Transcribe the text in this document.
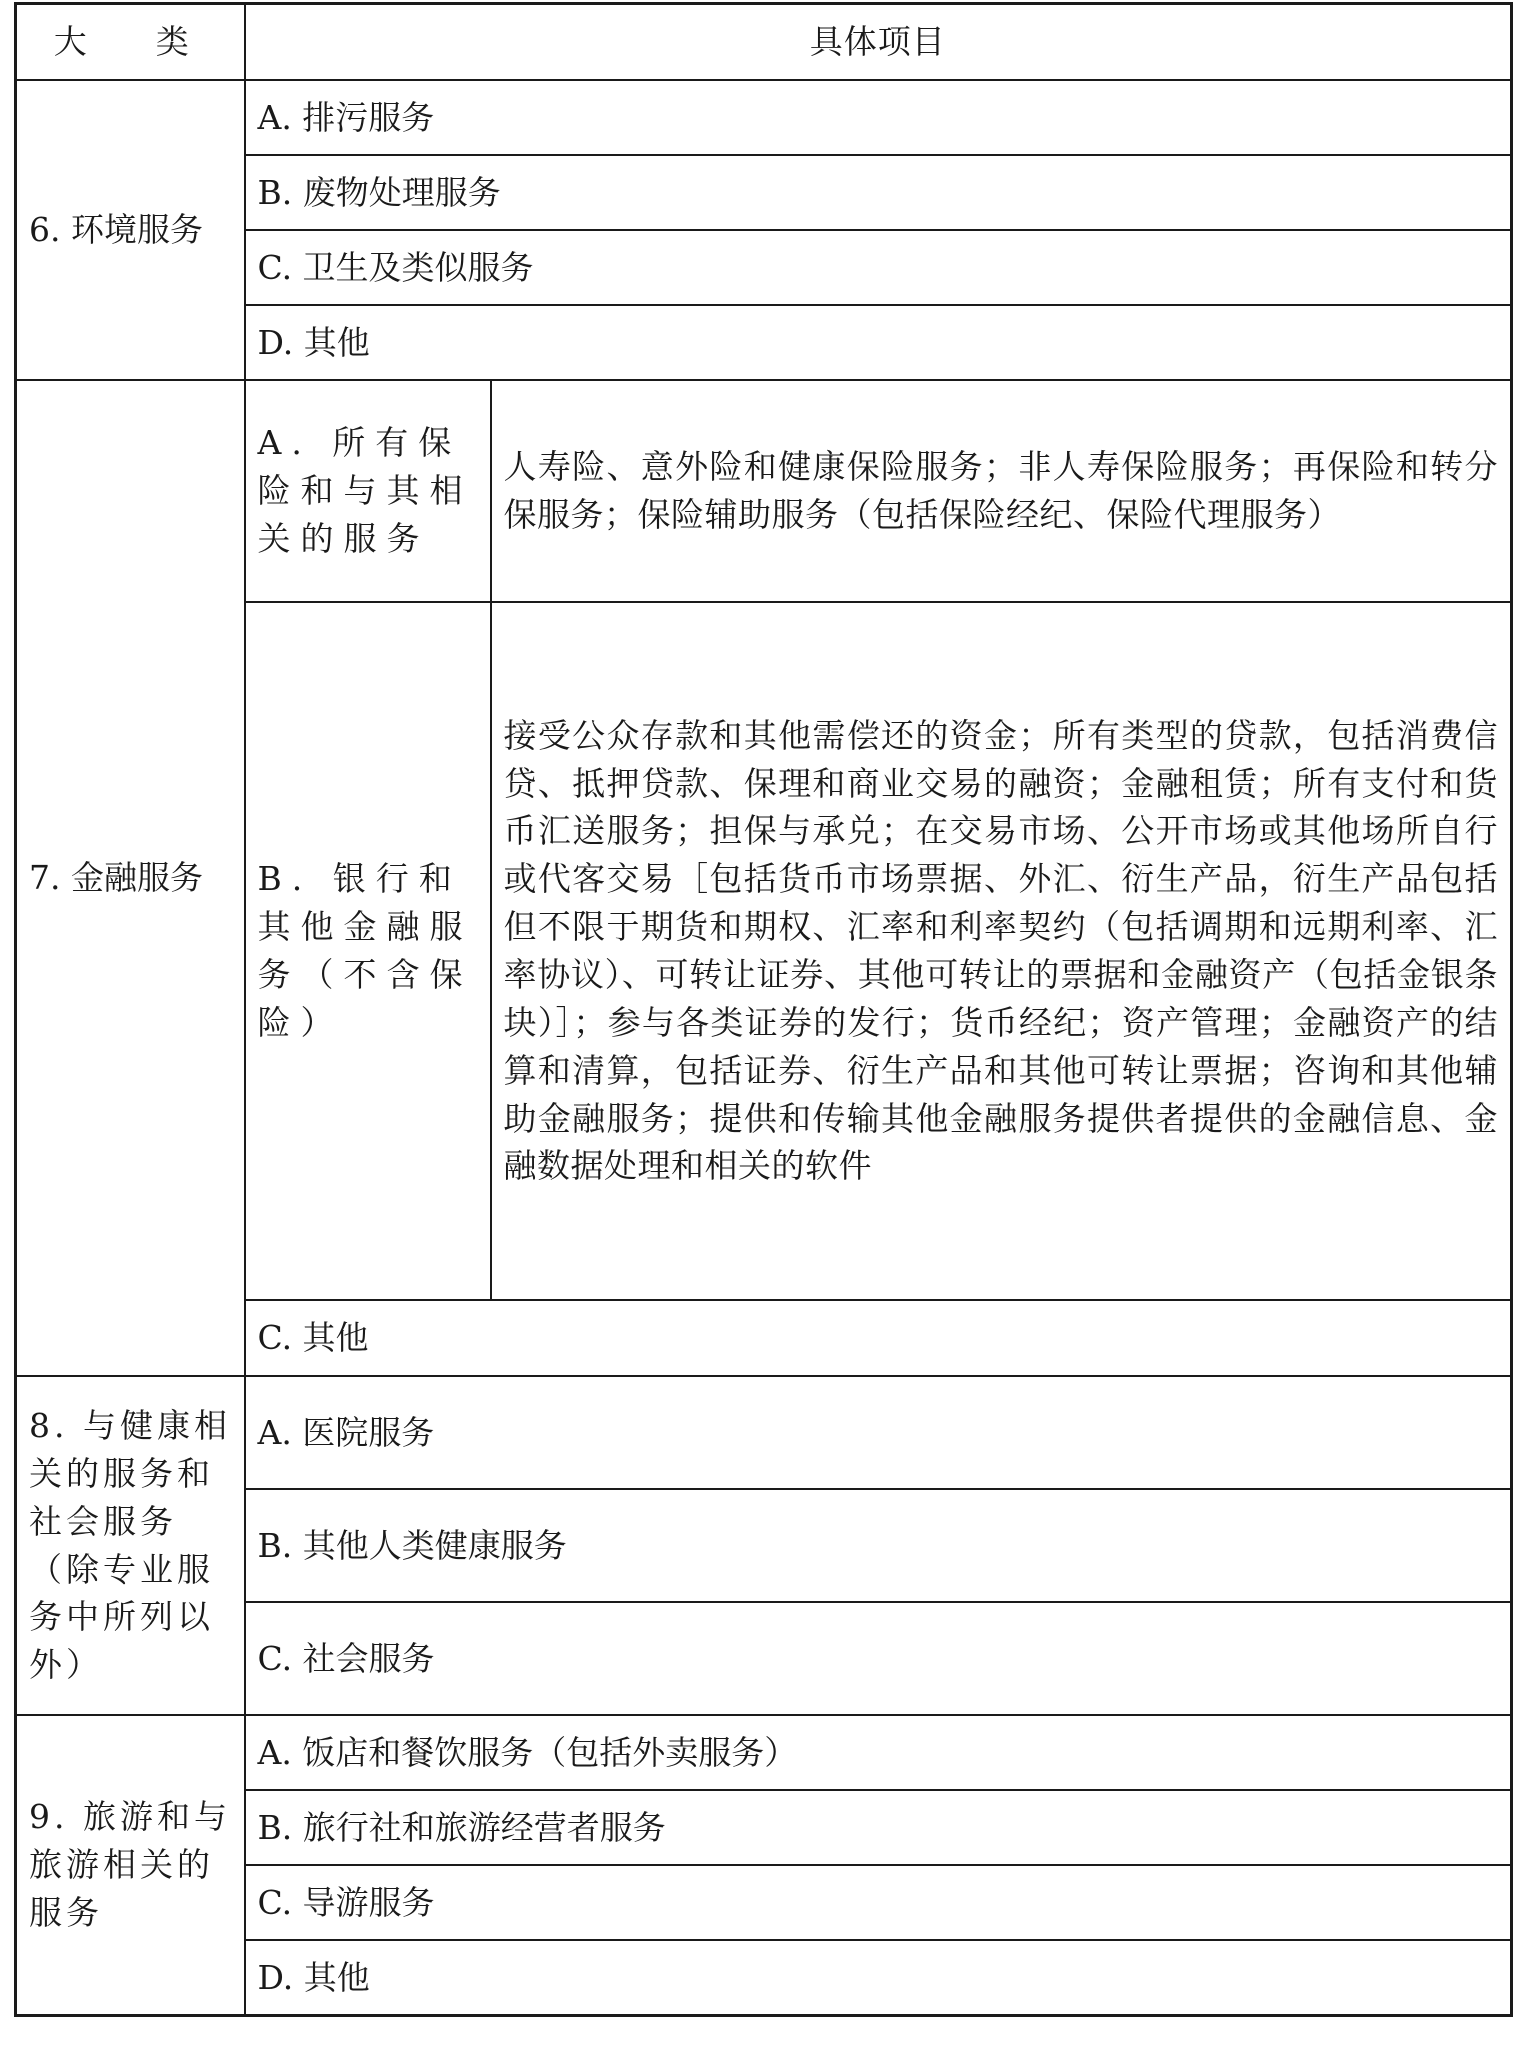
大　类	具体项目	
6. 环境服务	A. 排污服务	
	B. 废物处理服务	
	C. 卫生及类似服务	
	D. 其他	
7. 金融服务	A. 所有保险和与其相关的服务	人寿险、意外险和健康保险服务；非人寿保险服务；再保险和转分保服务；保险辅助服务（包括保险经纪、保险代理服务）
	B. 银行和其他金融服务（不含保险）	接受公众存款和其他需偿还的资金；所有类型的贷款，包括消费信贷、抵押贷款、保理和商业交易的融资；金融租赁；所有支付和货币汇送服务；担保与承兑；在交易市场、公开市场或其他场所自行或代客交易［包括货币市场票据、外汇、衍生产品，衍生产品包括但不限于期货和期权、汇率和利率契约（包括调期和远期利率、汇率协议）、可转让证券、其他可转让的票据和金融资产（包括金银条块）］；参与各类证券的发行；货币经纪；资产管理；金融资产的结算和清算，包括证券、衍生产品和其他可转让票据；咨询和其他辅助金融服务；提供和传输其他金融服务提供者提供的金融信息、金融数据处理和相关的软件
	C. 其他	
8. 与健康相关的服务和社会服务（除专业服务中所列以外）	A. 医院服务	
	B. 其他人类健康服务	
	C. 社会服务	
9. 旅游和与旅游相关的服务	A. 饭店和餐饮服务（包括外卖服务）	
	B. 旅行社和旅游经营者服务	
	C. 导游服务	
	D. 其他	
